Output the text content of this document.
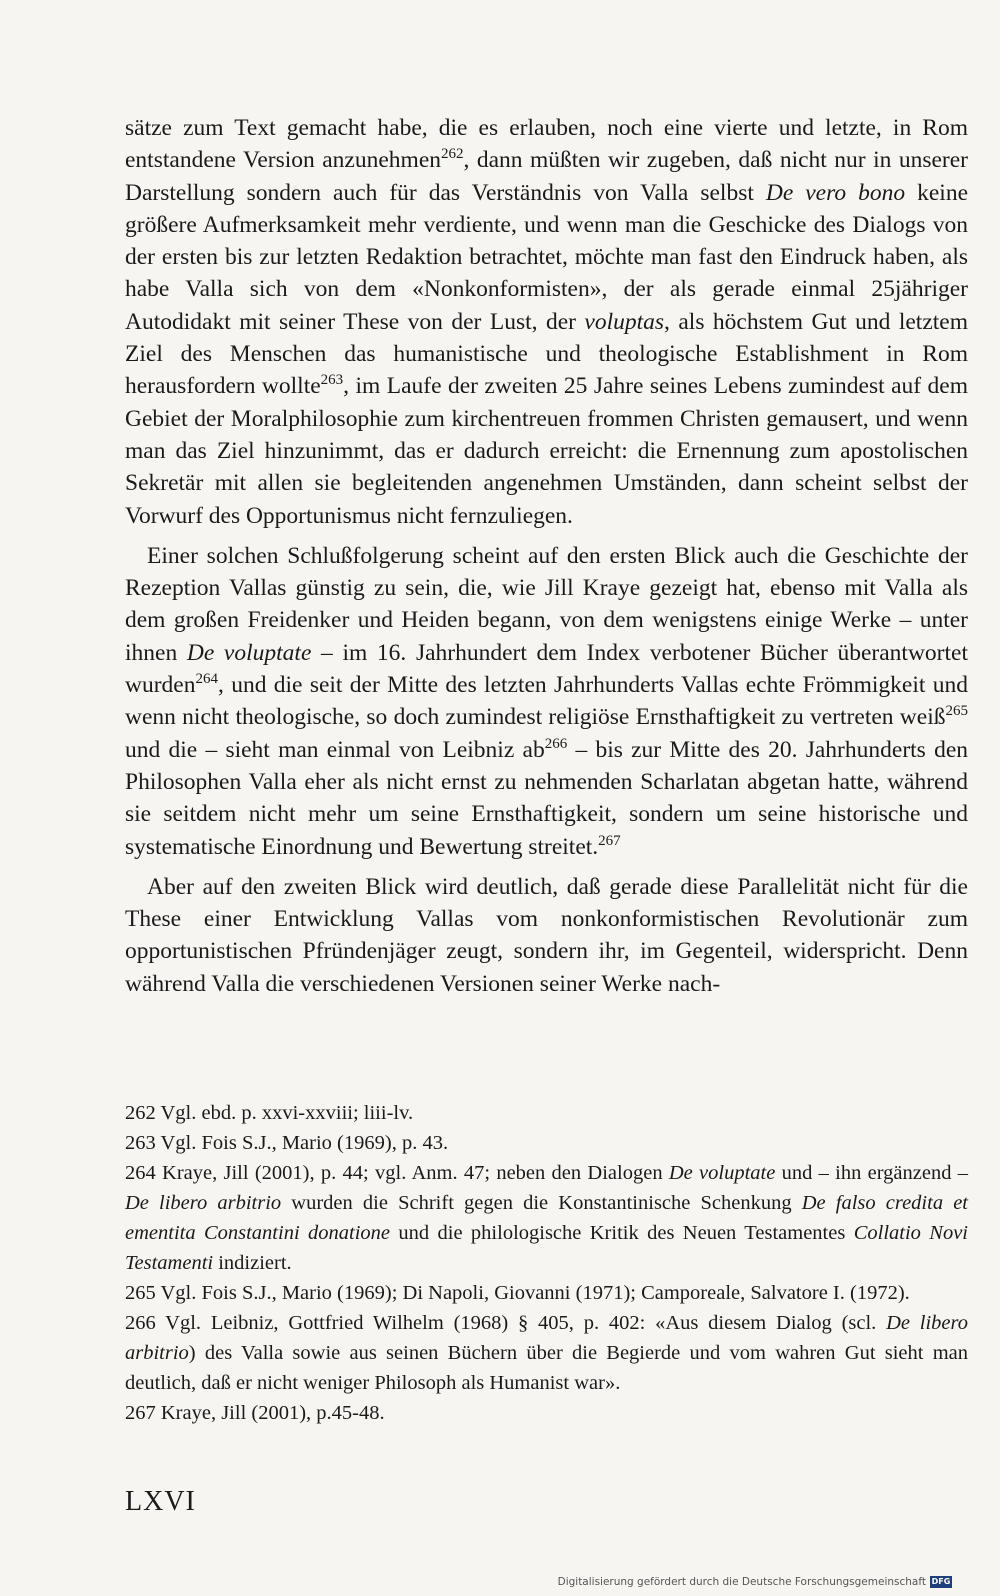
sätze zum Text gemacht habe, die es erlauben, noch eine vierte und letzte, in Rom entstandene Version anzunehmen$^{262}$, dann müßten wir zugeben, daß nicht nur in unserer Darstellung sondern auch für das Verständnis von Valla selbst De vero bono keine größere Aufmerksamkeit mehr verdiente, und wenn man die Geschicke des Dialogs von der ersten bis zur letzten Redaktion betrachtet, möchte man fast den Eindruck haben, als habe Valla sich von dem «Nonkonformisten», der als gerade einmal 25jähriger Autodidakt mit seiner These von der Lust, der voluptas, als höchstem Gut und letztem Ziel des Menschen das humanistische und theologische Establishment in Rom herausfordern wollte$^{263}$, im Laufe der zweiten 25 Jahre seines Lebens zumindest auf dem Gebiet der Moralphilosophie zum kirchentreuen frommen Christen gemausert, und wenn man das Ziel hinzunimmt, das er dadurch erreicht: die Ernennung zum apostolischen Sekretär mit allen sie begleitenden angenehmen Umständen, dann scheint selbst der Vorwurf des Opportunismus nicht fernzuliegen.

Einer solchen Schlußfolgerung scheint auf den ersten Blick auch die Geschichte der Rezeption Vallas günstig zu sein, die, wie Jill Kraye gezeigt hat, ebenso mit Valla als dem großen Freidenker und Heiden begann, von dem wenigstens einige Werke – unter ihnen De voluptate – im 16. Jahrhundert dem Index verbotener Bücher überantwortet wurden$^{264}$, und die seit der Mitte des letzten Jahrhunderts Vallas echte Frömmigkeit und wenn nicht theologische, so doch zumindest religiöse Ernsthaftigkeit zu vertreten weiß$^{265}$ und die – sieht man einmal von Leibniz $ab^{266}$ – bis zur Mitte des 20. Jahrhunderts den Philosophen Valla eher als nicht ernst zu nehmenden Scharlatan abgetan hatte, während sie seitdem nicht mehr um seine Ernsthaftigkeit, sondern um seine historische und systematische Einordnung und Bewertung streitet.$^{267}$

Aber auf den zweiten Blick wird deutlich, daß gerade diese Parallelität nicht für die These einer Entwicklung Vallas vom nonkonformistischen Revolutionär zum opportunistischen Pfründenjäger zeugt, sondern ihr, im Gegenteil, widerspricht. Denn während Valla die verschiedenen Versionen seiner Werke nach-

262 Vgl. ebd. p. xxvi-xxviii; liii-lv.

263 Vgl. Fois S.J., Mario (1969), p. 43.

264 Kraye, Jill (2001), p. 44; vgl. Anm. 47; neben den Dialogen De voluptate und – ihn ergänzend – De libero arbitrio wurden die Schrift gegen die Konstantinische Schenkung De falso credita et ementita Constantini donatione und die philologische Kritik des Neuen Testamentes Collatio Novi Testamenti indiziert.

265 Vgl. Fois S.J., Mario (1969); Di Napoli, Giovanni (1971); Camporeale, Salvatore I. (1972).

266 Vgl. Leibniz, Gottfried Wilhelm (1968) § 405, p. 402: «Aus diesem Dialog (scl. De libero arbitrio) des Valla sowie aus seinen Büchern über die Begierde und vom wahren Gut sieht man deutlich, daß er nicht weniger Philosoph als Humanist war».

267 Kraye, Jill (2001), p.45-48.

LXVI
Digitalisierung gefördert durch die Deutsche Forschungsgemeinschaft DFG
